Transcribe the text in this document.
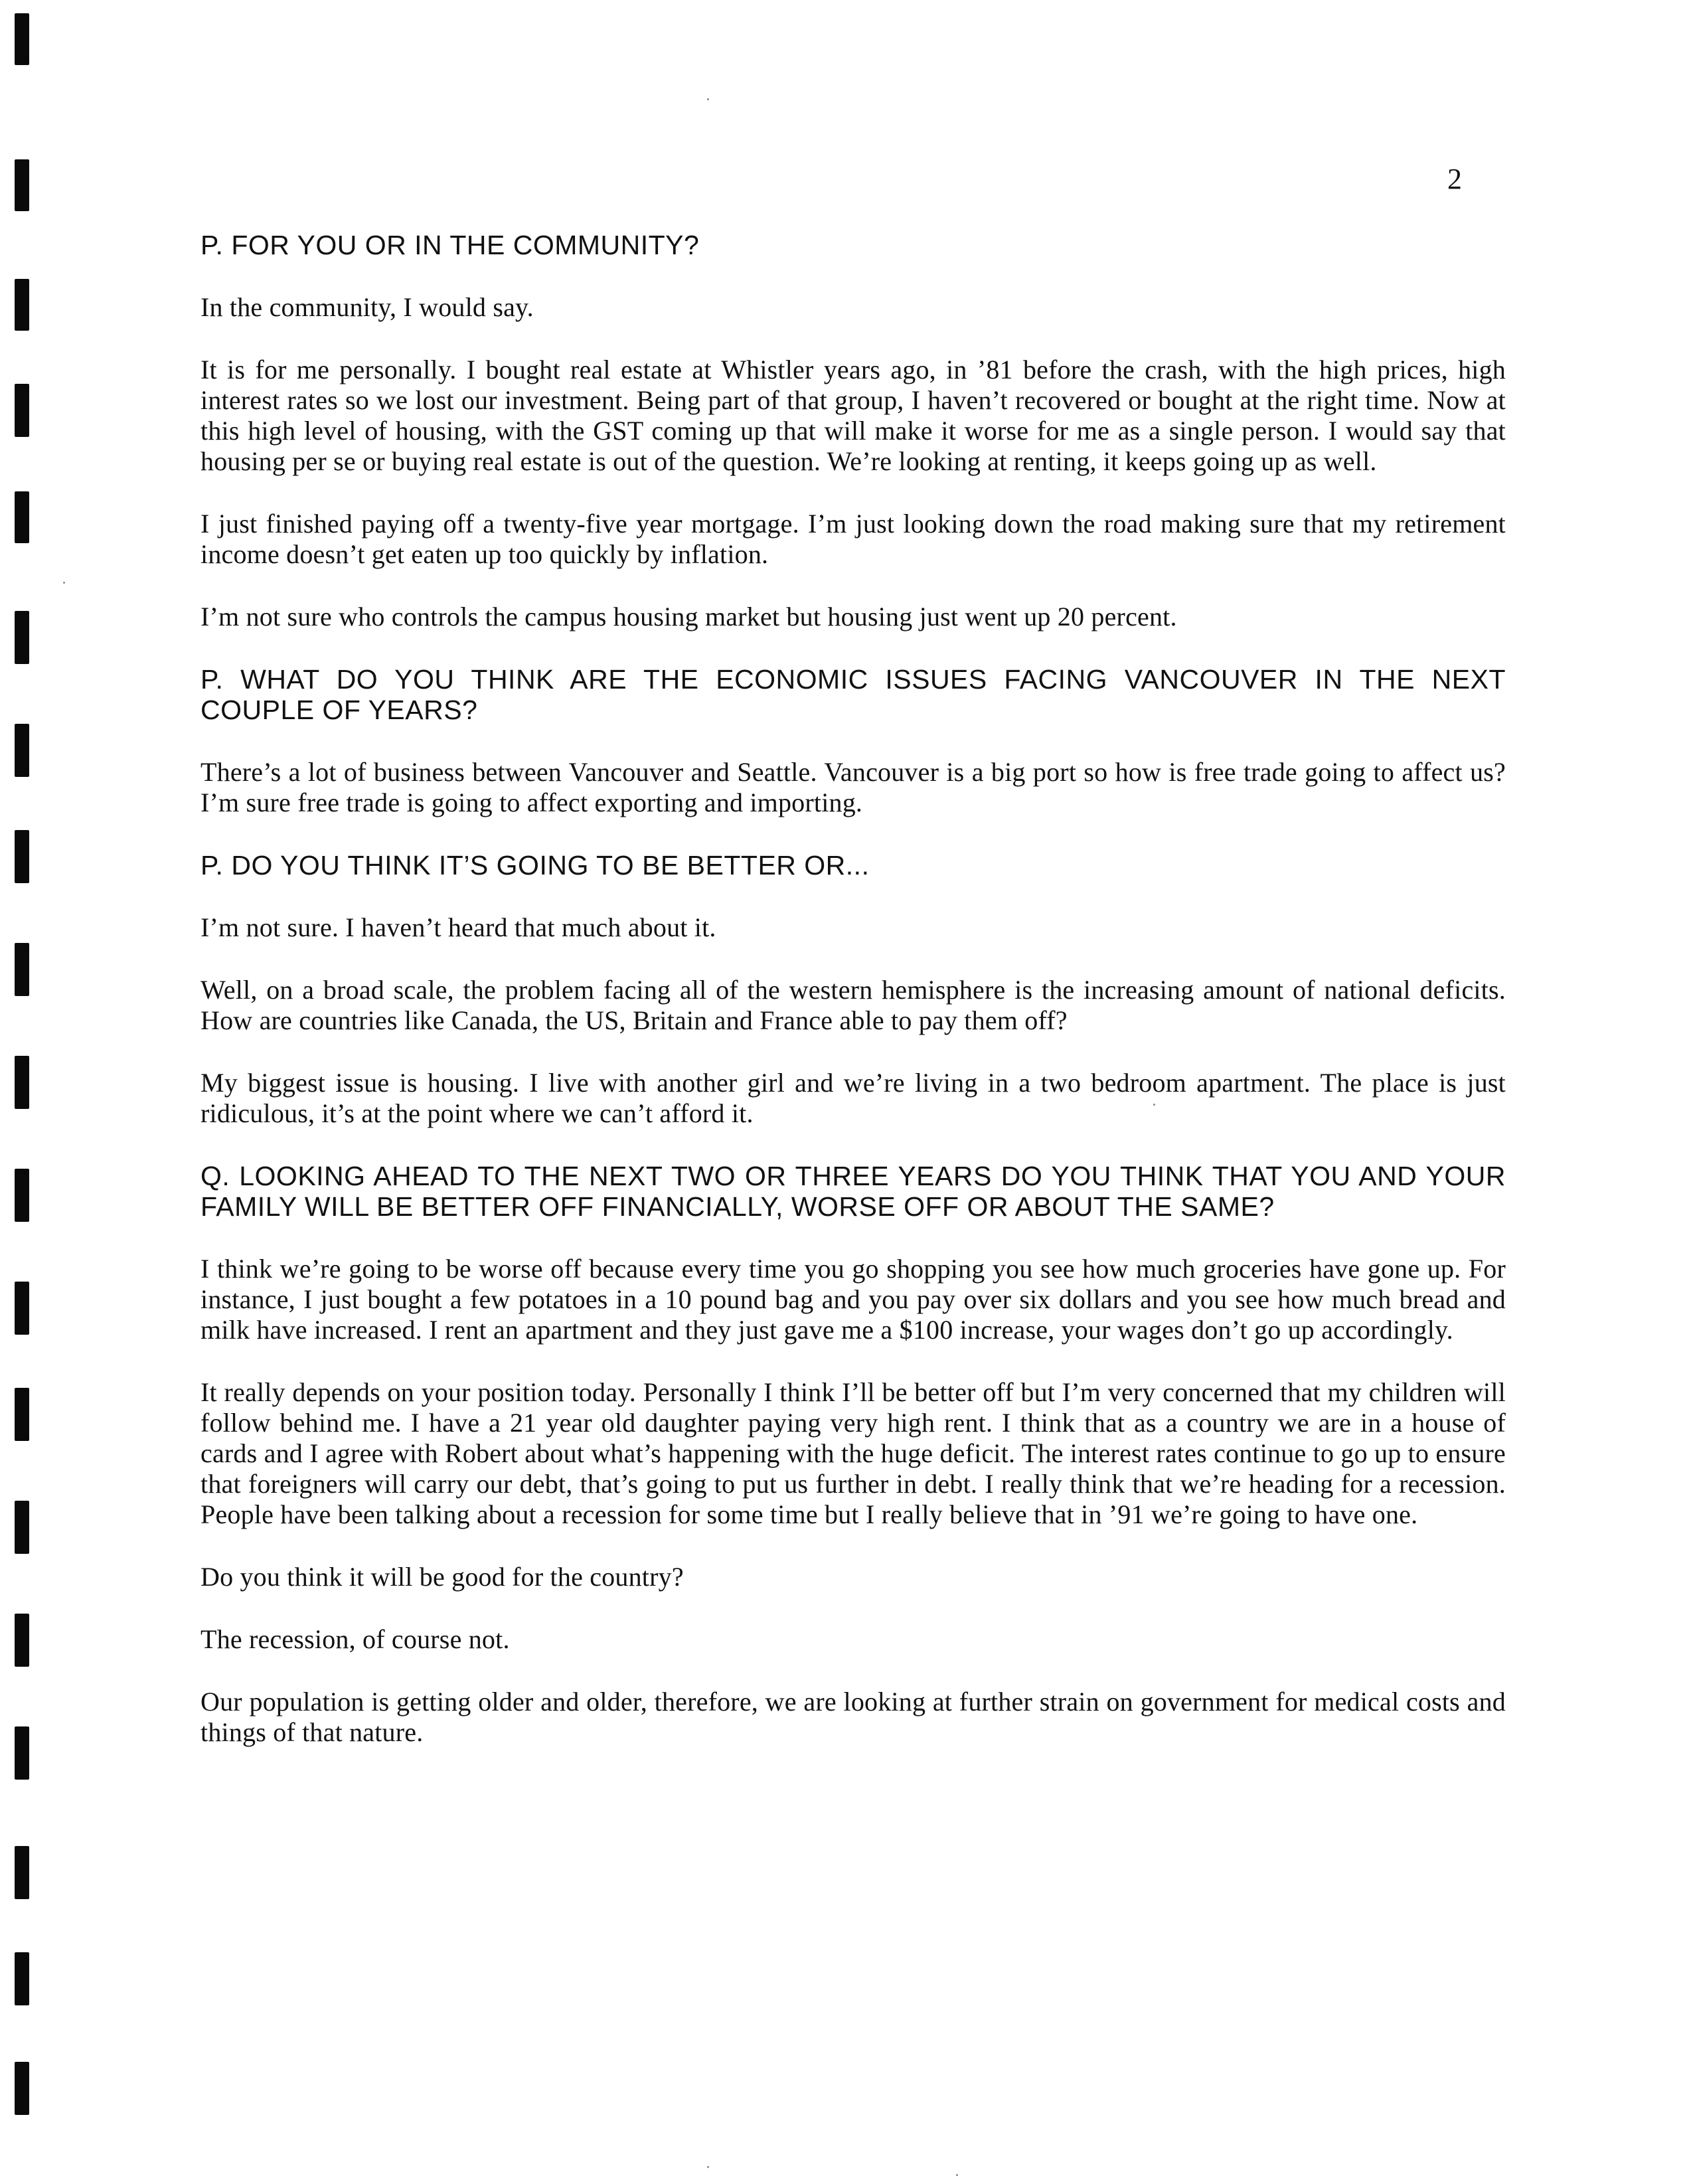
2

P. FOR YOU OR IN THE COMMUNITY?

In the community, I would say.

It is for me personally. I bought real estate at Whistler years ago, in ’81 before the crash, with the high prices, high interest rates so we lost our investment. Being part of that group, I haven’t recovered or bought at the right time. Now at this high level of housing, with the GST coming up that will make it worse for me as a single person. I would say that housing per se or buying real estate is out of the question. We’re looking at renting, it keeps going up as well.

I just finished paying off a twenty-five year mortgage. I’m just looking down the road making sure that my retirement income doesn’t get eaten up too quickly by inflation.

I’m not sure who controls the campus housing market but housing just went up 20 percent.

P. WHAT DO YOU THINK ARE THE ECONOMIC ISSUES FACING VANCOUVER IN THE NEXT COUPLE OF YEARS?

There’s a lot of business between Vancouver and Seattle. Vancouver is a big port so how is free trade going to affect us? I’m sure free trade is going to affect exporting and importing.

P. DO YOU THINK IT’S GOING TO BE BETTER OR...

I’m not sure. I haven’t heard that much about it.

Well, on a broad scale, the problem facing all of the western hemisphere is the increasing amount of national deficits. How are countries like Canada, the US, Britain and France able to pay them off?

My biggest issue is housing. I live with another girl and we’re living in a two bedroom apartment. The place is just ridiculous, it’s at the point where we can’t afford it.

Q. LOOKING AHEAD TO THE NEXT TWO OR THREE YEARS DO YOU THINK THAT YOU AND YOUR FAMILY WILL BE BETTER OFF FINANCIALLY, WORSE OFF OR ABOUT THE SAME?

I think we’re going to be worse off because every time you go shopping you see how much groceries have gone up. For instance, I just bought a few potatoes in a 10 pound bag and you pay over six dollars and you see how much bread and milk have increased. I rent an apartment and they just gave me a $100 increase, your wages don’t go up accordingly.

It really depends on your position today. Personally I think I’ll be better off but I’m very concerned that my children will follow behind me. I have a 21 year old daughter paying very high rent. I think that as a country we are in a house of cards and I agree with Robert about what’s happening with the huge deficit. The interest rates continue to go up to ensure that foreigners will carry our debt, that’s going to put us further in debt. I really think that we’re heading for a recession. People have been talking about a recession for some time but I really believe that in ’91 we’re going to have one.

Do you think it will be good for the country?

The recession, of course not.

Our population is getting older and older, therefore, we are looking at further strain on government for medical costs and things of that nature.
